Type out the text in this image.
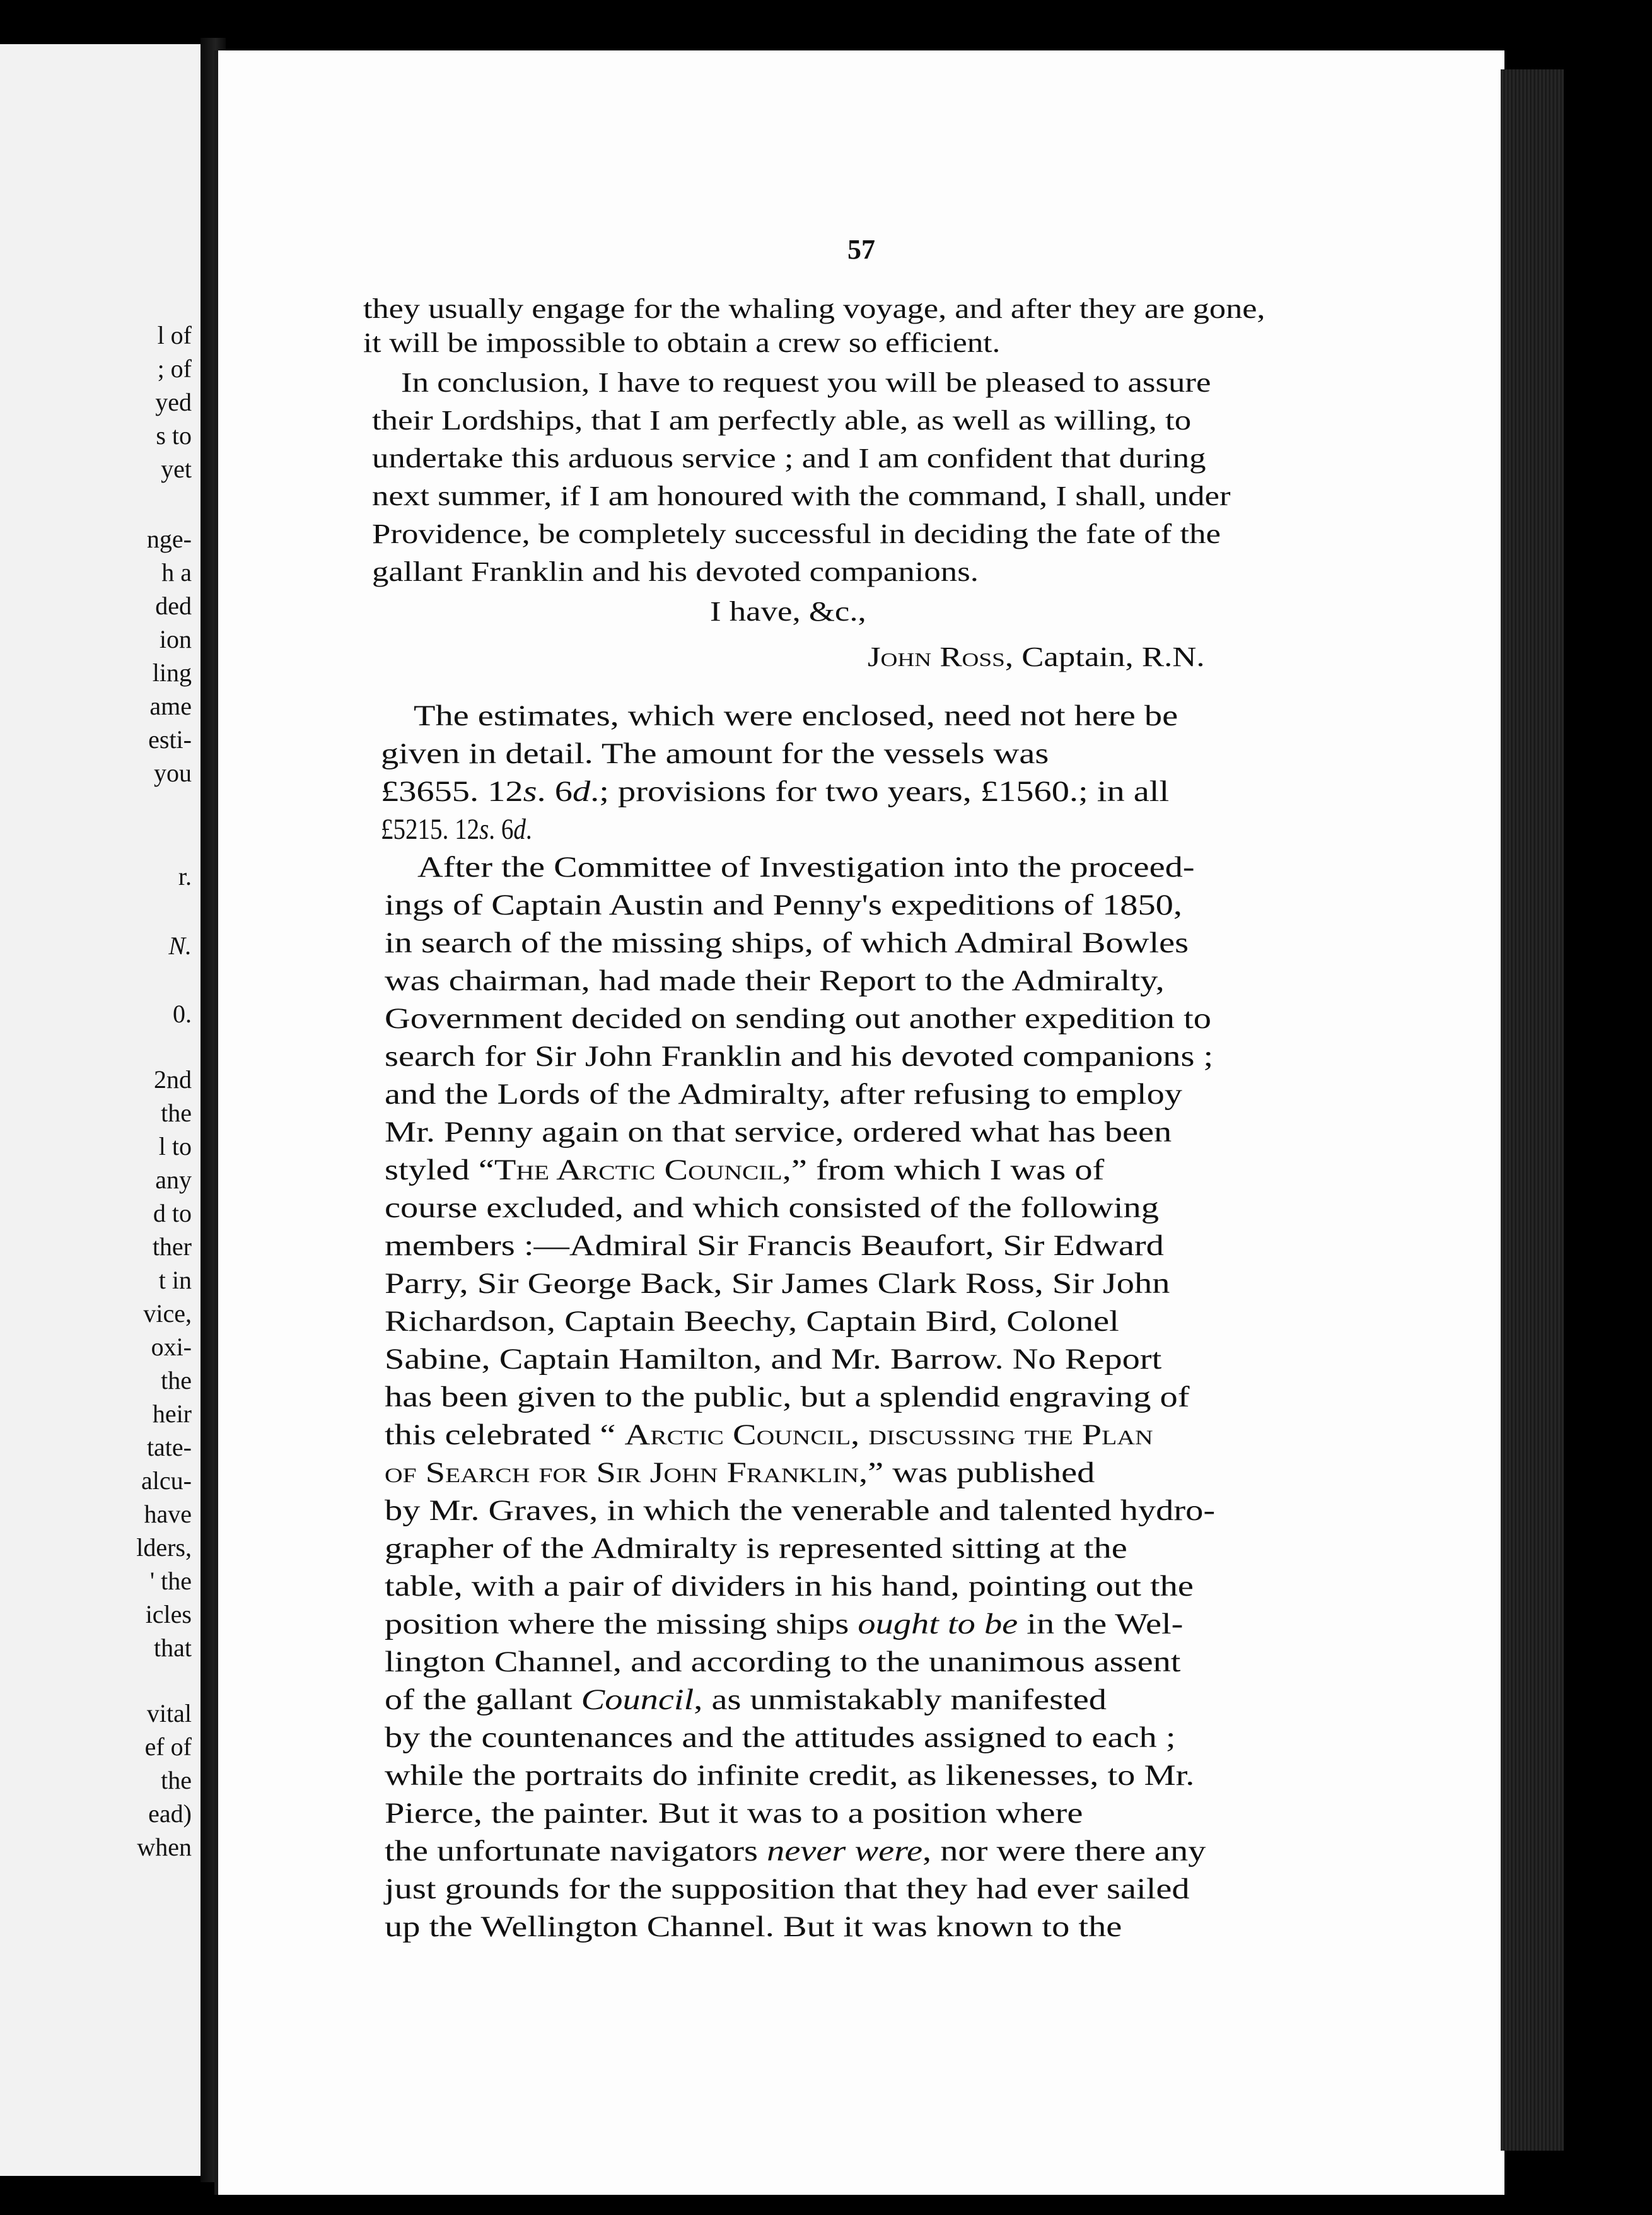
l of
; of
yed
s to
yet
nge-
h a
ded
ion
ling
ame
esti-
you
r.
N.
0.
2nd
the
l to
any
d to
ther
t in
vice,
oxi-
the
heir
tate-
alcu-
have
lders,
' the
icles
that
vital
ef of
the
ead)
when
57
they usually engage for the whaling voyage, and after they are gone,
it will be impossible to obtain a crew so efficient.
In conclusion, I have to request you will be pleased to assure
their Lordships, that I am perfectly able, as well as willing, to
undertake this arduous service ; and I am confident that during
next summer, if I am honoured with the command, I shall, under
Providence, be completely successful in deciding the fate of the
gallant Franklin and his devoted companions.
I have, &c.,
John Ross, Captain, R.N.
The estimates, which were enclosed, need not here be
given in detail. The amount for the vessels was
£3655. 12s. 6d.; provisions for two years, £1560.; in all
£5215. 12s. 6d.
After the Committee of Investigation into the proceed-
ings of Captain Austin and Penny's expeditions of 1850,
in search of the missing ships, of which Admiral Bowles
was chairman, had made their Report to the Admiralty,
Government decided on sending out another expedition to
search for Sir John Franklin and his devoted companions ;
and the Lords of the Admiralty, after refusing to employ
Mr. Penny again on that service, ordered what has been
styled “The Arctic Council,” from which I was of
course excluded, and which consisted of the following
members :—Admiral Sir Francis Beaufort, Sir Edward
Parry, Sir George Back, Sir James Clark Ross, Sir John
Richardson, Captain Beechy, Captain Bird, Colonel
Sabine, Captain Hamilton, and Mr. Barrow. No Report
has been given to the public, but a splendid engraving of
this celebrated “ Arctic Council, discussing the Plan
of Search for Sir John Franklin,” was published
by Mr. Graves, in which the venerable and talented hydro-
grapher of the Admiralty is represented sitting at the
table, with a pair of dividers in his hand, pointing out the
position where the missing ships ought to be in the Wel-
lington Channel, and according to the unanimous assent
of the gallant Council, as unmistakably manifested
by the countenances and the attitudes assigned to each ;
while the portraits do infinite credit, as likenesses, to Mr.
Pierce, the painter. But it was to a position where
the unfortunate navigators never were, nor were there any
just grounds for the supposition that they had ever sailed
up the Wellington Channel. But it was known to the
